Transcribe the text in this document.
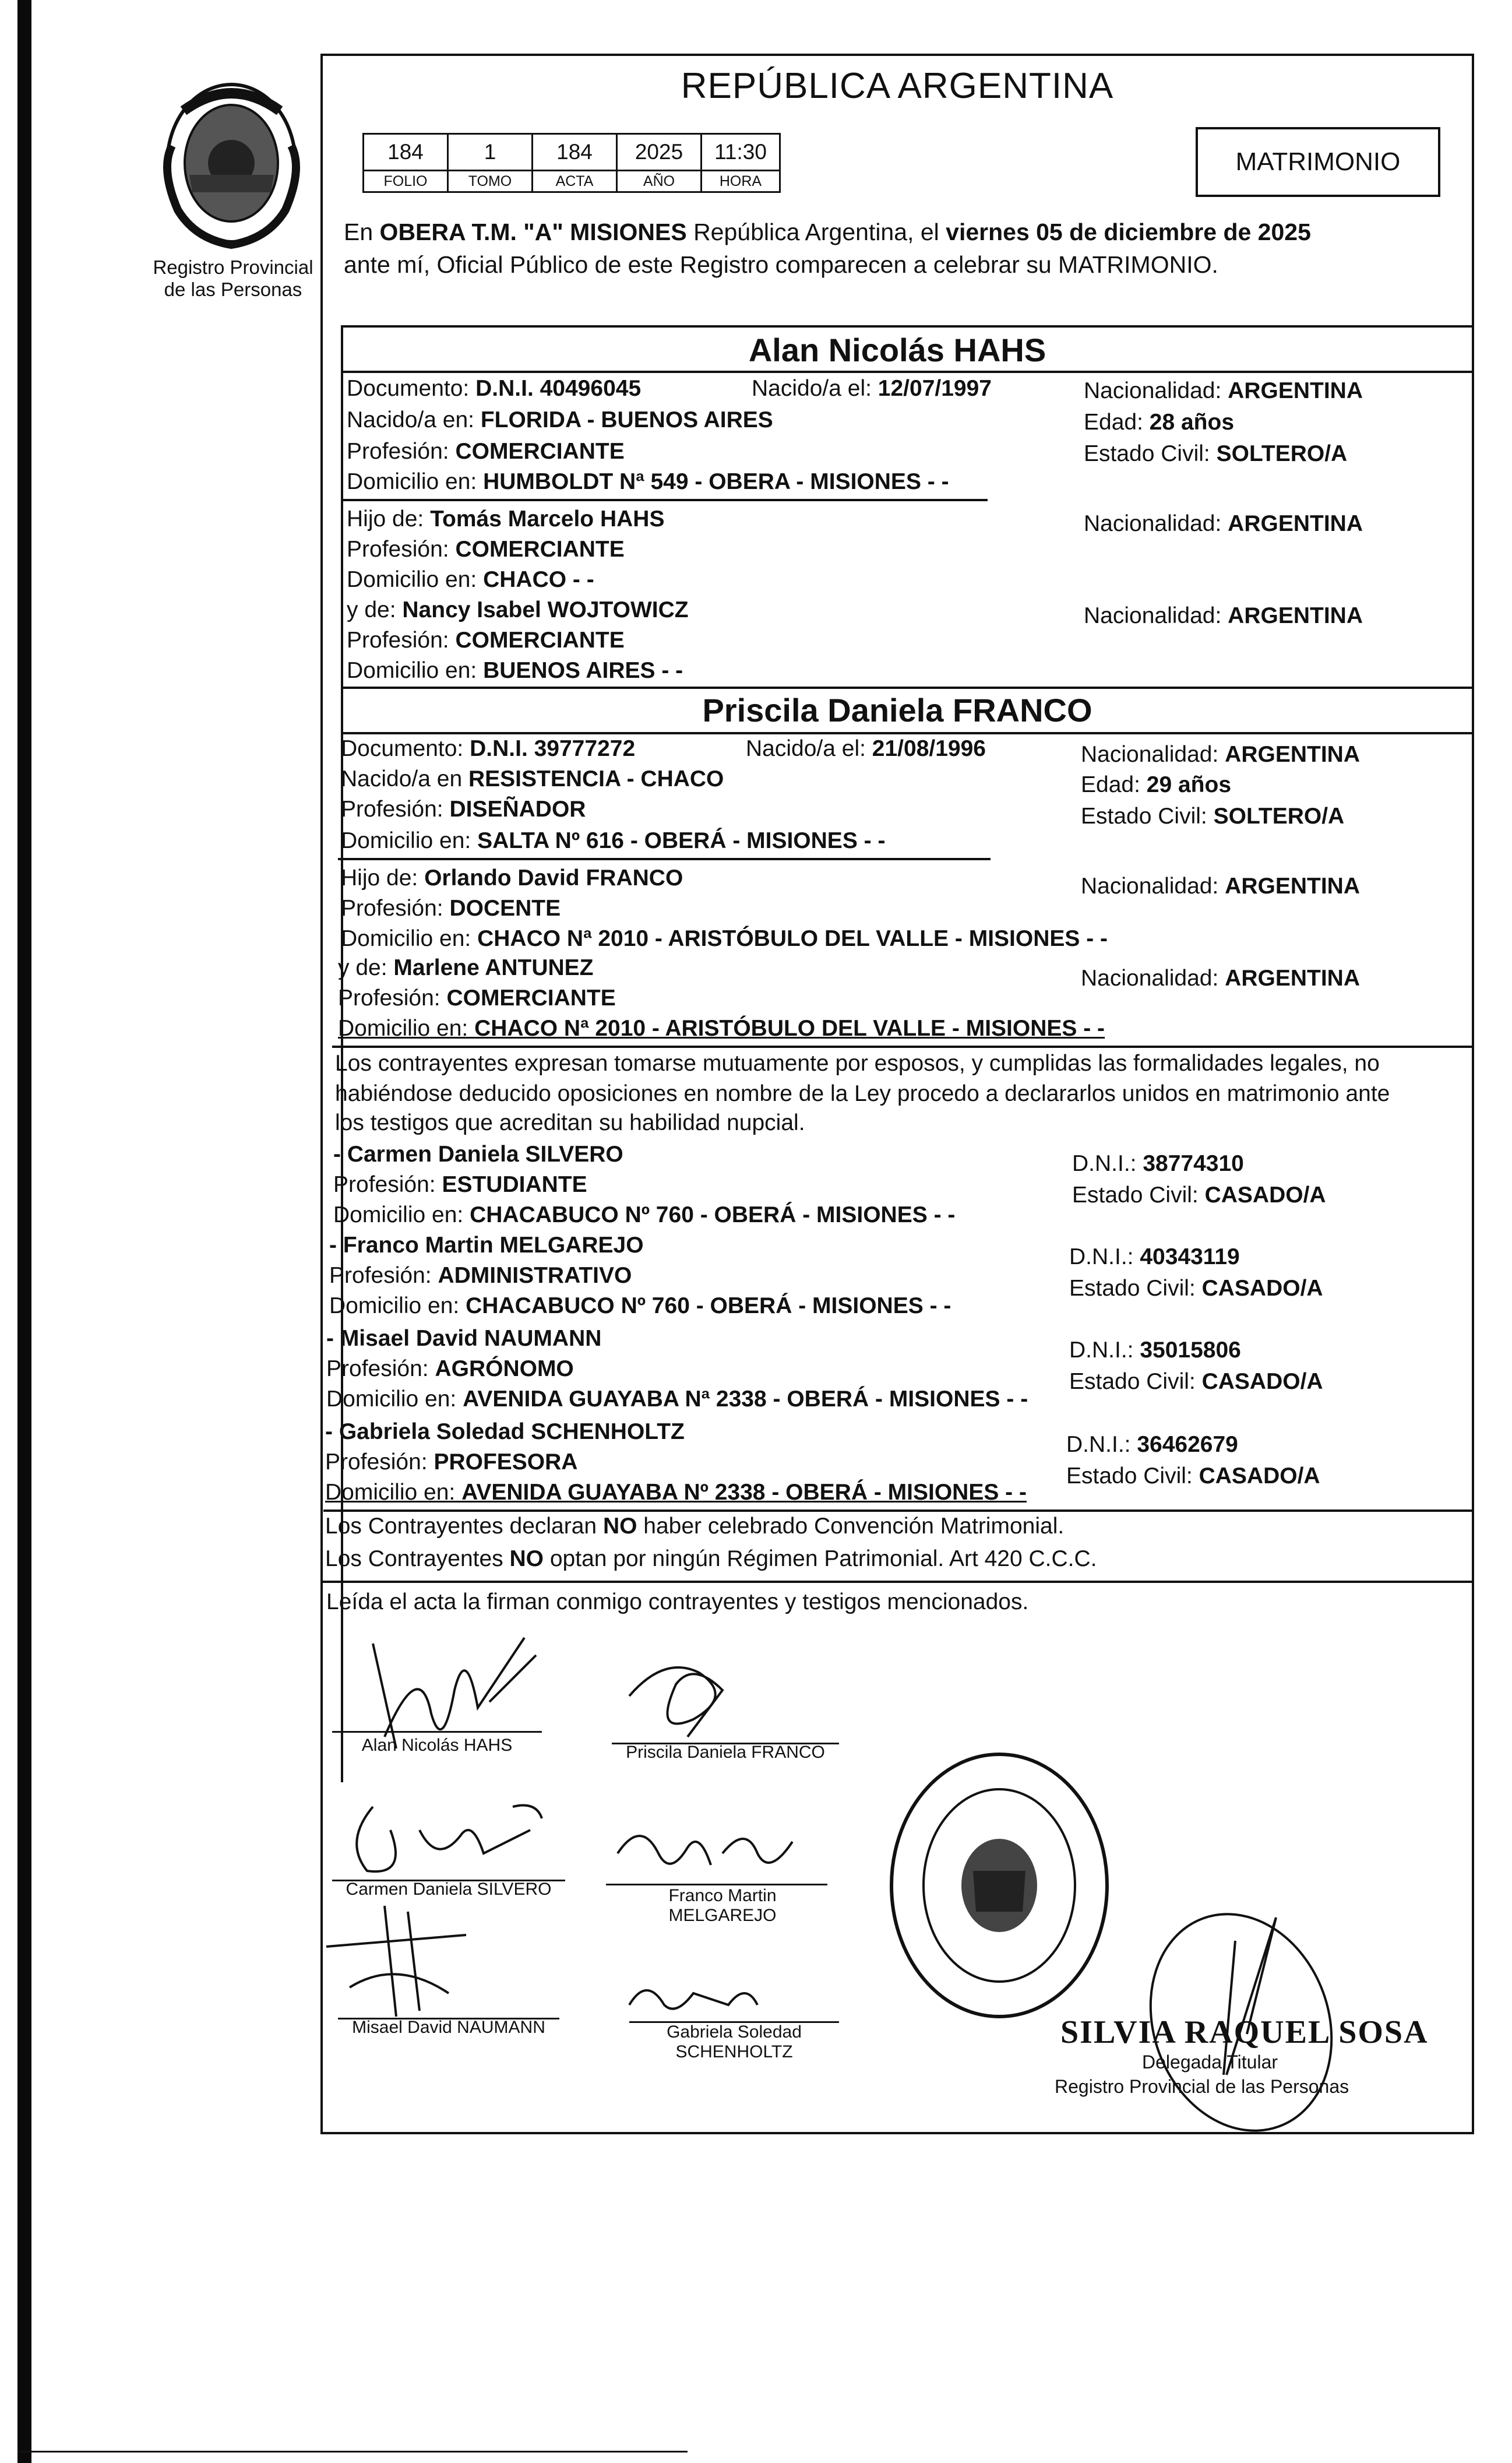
Registro Provincial
de las Personas
REPÚBLICA ARGENTINA
184	1	184	2025	11:30
FOLIO	TOMO	ACTA	AÑO	HORA
MATRIMONIO
En OBERA T.M. "A" MISIONES República Argentina, el viernes 05 de diciembre de 2025
ante mí, Oficial Público de este Registro comparecen a celebrar su MATRIMONIO.
Alan Nicolás HAHS
Documento: D.N.I. 40496045	Nacido/a el: 12/07/1997	Nacionalidad: ARGENTINA
Nacido/a en: FLORIDA - BUENOS AIRES	Edad: 28 años
Profesión: COMERCIANTE	Estado Civil: SOLTERO/A
Domicilio en: HUMBOLDT Nª 549 - OBERA - MISIONES - -
Hijo de: Tomás Marcelo HAHS	Nacionalidad: ARGENTINA
Profesión: COMERCIANTE
Domicilio en: CHACO - -
y de: Nancy Isabel WOJTOWICZ	Nacionalidad: ARGENTINA
Profesión: COMERCIANTE
Domicilio en: BUENOS AIRES - -
Priscila Daniela FRANCO
Documento: D.N.I. 39777272	Nacido/a el: 21/08/1996	Nacionalidad: ARGENTINA
Nacido/a en RESISTENCIA - CHACO	Edad: 29 años
Profesión: DISEÑADOR	Estado Civil: SOLTERO/A
Domicilio en: SALTA Nº 616 - OBERÁ - MISIONES - -
Hijo de: Orlando David FRANCO	Nacionalidad: ARGENTINA
Profesión: DOCENTE
Domicilio en: CHACO Nª 2010 - ARISTÓBULO DEL VALLE - MISIONES - -
y de: Marlene ANTUNEZ	Nacionalidad: ARGENTINA
Profesión: COMERCIANTE
Domicilio en: CHACO Nª 2010 - ARISTÓBULO DEL VALLE - MISIONES - -
Los contrayentes expresan tomarse mutuamente por esposos, y cumplidas las formalidades legales, no
habiéndose deducido oposiciones en nombre de la Ley procedo a declararlos unidos en matrimonio ante
los testigos que acreditan su habilidad nupcial.
- Carmen Daniela SILVERO	D.N.I.: 38774310
Profesión: ESTUDIANTE	Estado Civil: CASADO/A
Domicilio en: CHACABUCO Nº 760 - OBERÁ - MISIONES - -
- Franco Martin MELGAREJO	D.N.I.: 40343119
Profesión: ADMINISTRATIVO
Estado Civil: CASADO/A
Domicilio en: CHACABUCO Nº 760 - OBERÁ - MISIONES - -
- Misael David NAUMANN	D.N.I.: 35015806
Profesión: AGRÓNOMO
Estado Civil: CASADO/A
Domicilio en: AVENIDA GUAYABA Nª 2338 - OBERÁ - MISIONES - -
- Gabriela Soledad SCHENHOLTZ
D.N.I.: 36462679
Profesión: PROFESORA
Estado Civil: CASADO/A
Domicilio en: AVENIDA GUAYABA Nº 2338 - OBERÁ - MISIONES - -
Los Contrayentes declaran NO haber celebrado Convención Matrimonial.
Los Contrayentes NO optan por ningún Régimen Patrimonial. Art 420 C.C.C.
Leída el acta la firman conmigo contrayentes y testigos mencionados.
Alan Nicolás HAHS	Priscila Daniela FRANCO
Carmen Daniela SILVERO	Franco Martin
MELGAREJO
Misael David NAUMANN	Gabriela Soledad
SCHENHOLTZ
SILVIA RAQUEL SOSA
Delegada Titular
Registro Provincial de las Personas
